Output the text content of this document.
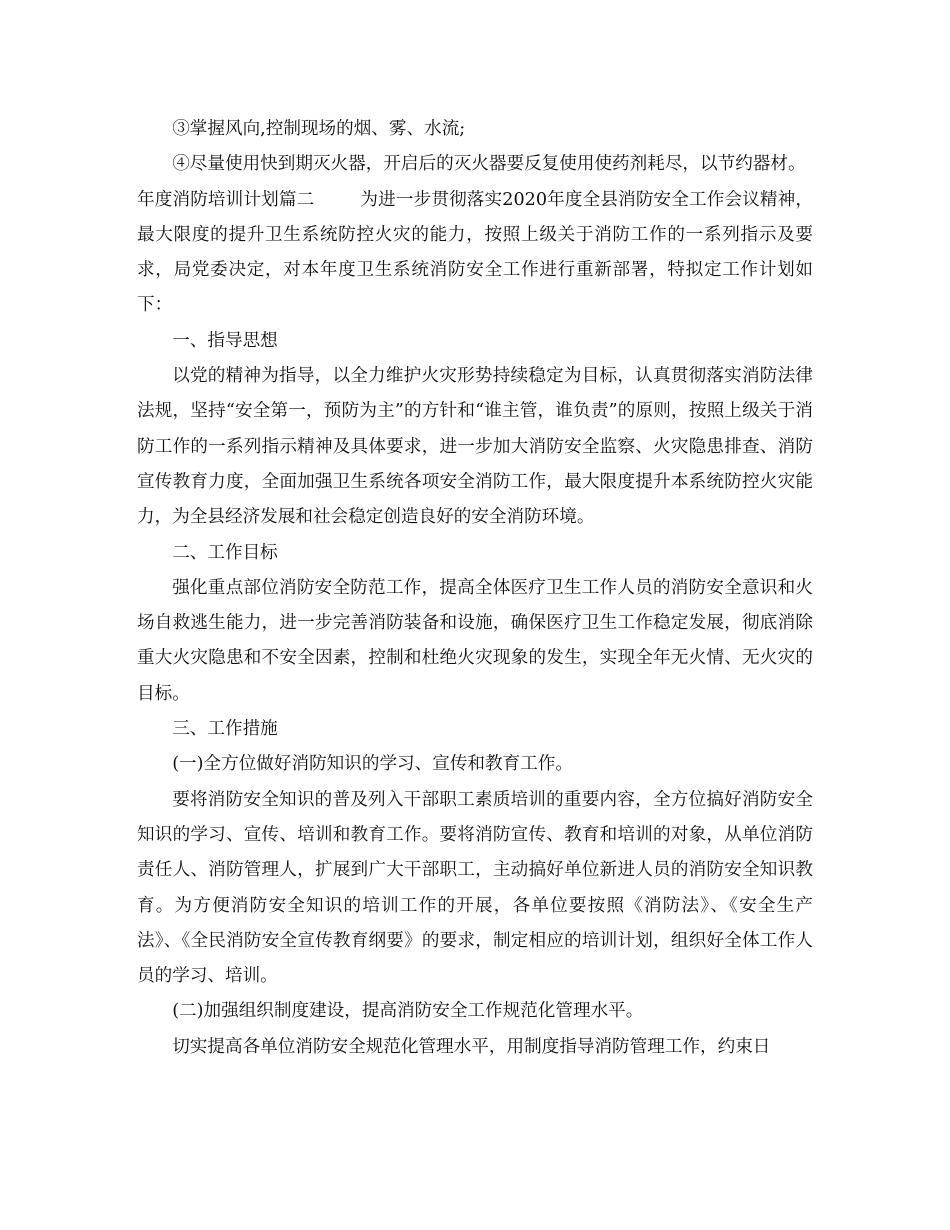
③掌握风向,控制现场的烟、雾、水流;

④尽量使用快到期灭火器，开启后的灭火器要反复使用使药剂耗尽，以节约器材。

年度消防培训计划篇二	为进一步贯彻落实2020年度全县消防安全工作会议精神，最大限度的提升卫生系统防控火灾的能力，按照上级关于消防工作的一系列指示及要求，局党委决定，对本年度卫生系统消防安全工作进行重新部署，特拟定工作计划如下：

一、指导思想

以党的精神为指导，以全力维护火灾形势持续稳定为目标，认真贯彻落实消防法律法规，坚持“安全第一，预防为主”的方针和“谁主管，谁负责”的原则，按照上级关于消防工作的一系列指示精神及具体要求，进一步加大消防安全监察、火灾隐患排查、消防宣传教育力度，全面加强卫生系统各项安全消防工作，最大限度提升本系统防控火灾能力，为全县经济发展和社会稳定创造良好的安全消防环境。

二、工作目标

强化重点部位消防安全防范工作，提高全体医疗卫生工作人员的消防安全意识和火场自救逃生能力，进一步完善消防装备和设施，确保医疗卫生工作稳定发展，彻底消除重大火灾隐患和不安全因素，控制和杜绝火灾现象的发生，实现全年无火情、无火灾的目标。

三、工作措施

(一)全方位做好消防知识的学习、宣传和教育工作。

要将消防安全知识的普及列入干部职工素质培训的重要内容，全方位搞好消防安全知识的学习、宣传、培训和教育工作。要将消防宣传、教育和培训的对象，从单位消防责任人、消防管理人，扩展到广大干部职工，主动搞好单位新进人员的消防安全知识教育。为方便消防安全知识的培训工作的开展，各单位要按照《消防法》、《安全生产法》、《全民消防安全宣传教育纲要》的要求，制定相应的培训计划，组织好全体工作人员的学习、培训。

(二)加强组织制度建设，提高消防安全工作规范化管理水平。

切实提高各单位消防安全规范化管理水平，用制度指导消防管理工作，约束日
